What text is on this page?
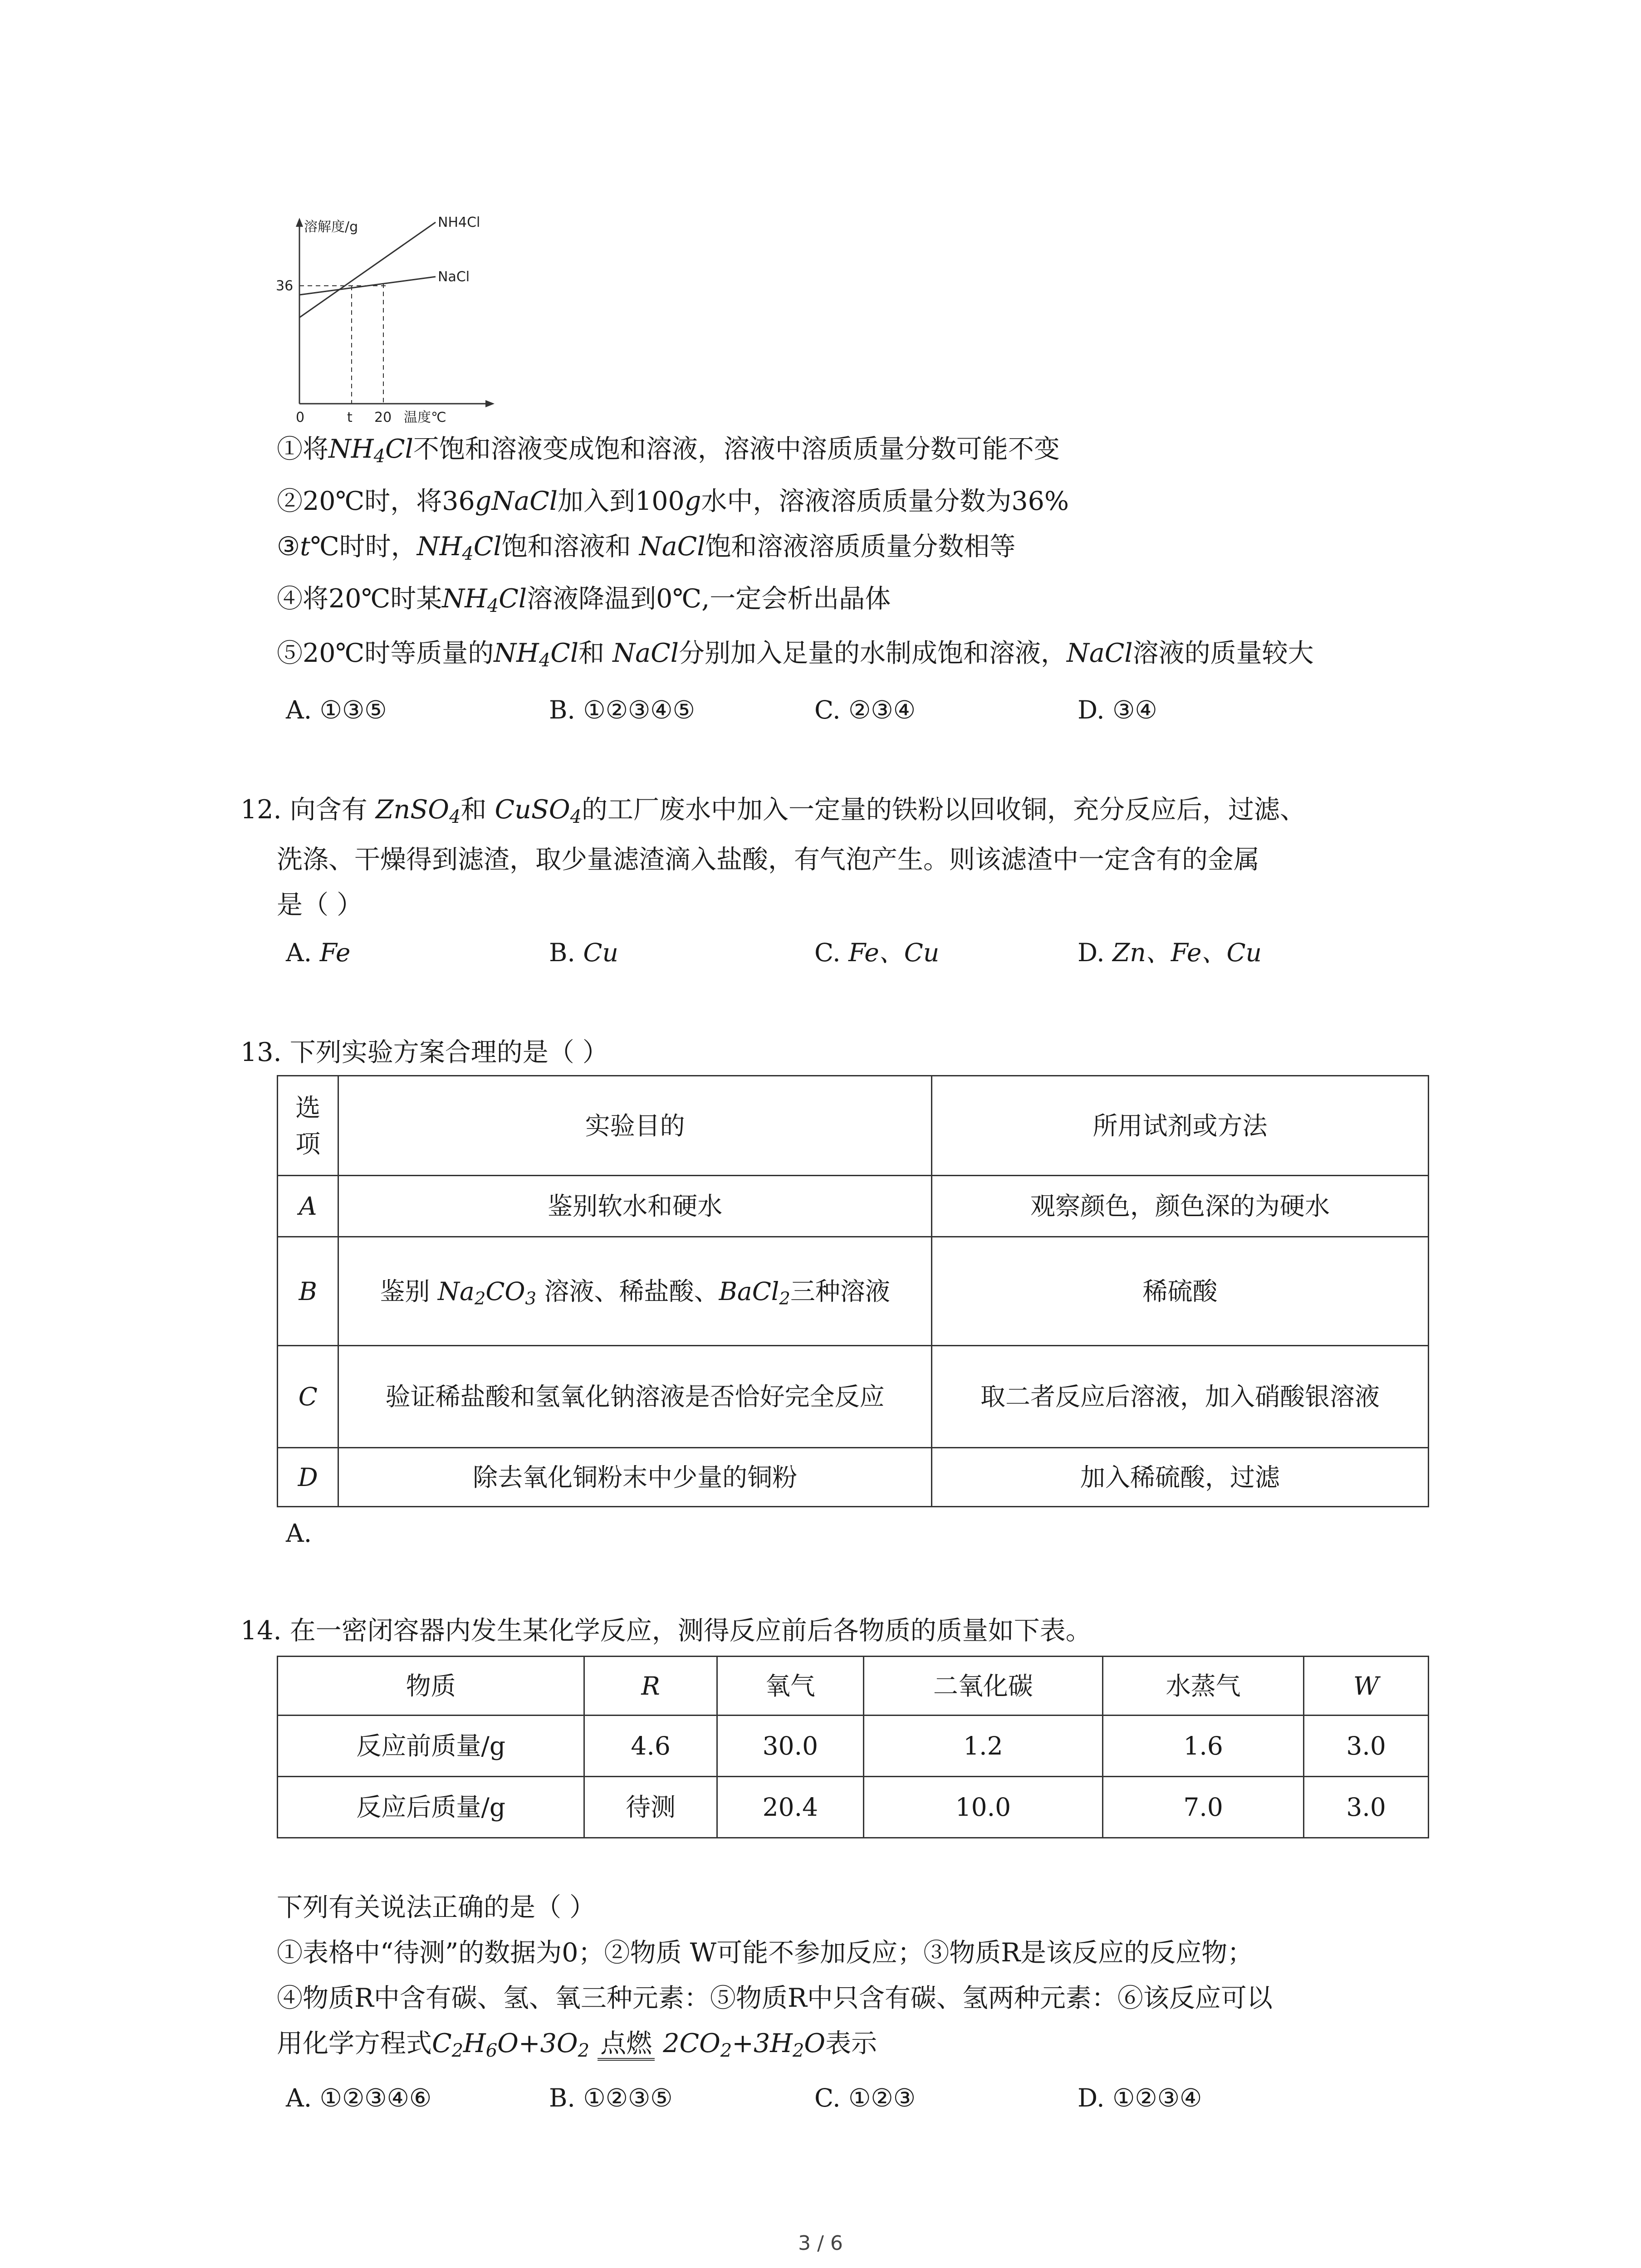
溶解度/g
温度℃
0	t 20
36
NH4Cl
NaCl
①将$NH_4Cl$不饱和溶液变成饱和溶液，溶液中溶质质量分数可能不变
②20℃时，将36gNaCl加入到100g水中，溶液溶质质量分数为36%
③t℃时时，$NH_4Cl$饱和溶液和 NaCl饱和溶液溶质质量分数相等
④将20℃时某$NH_4Cl$溶液降温到0℃,一定会析出晶体
⑤20℃时等质量的$NH_4Cl$和 NaCl分别加入足量的水制成饱和溶液，NaCl溶液的质量较大
A. ①③⑤	B. ①②③④⑤	C. ②③④	D. ③④
12. 向含有 ZnSO$_4$和 CuSO$_4$的工厂废水中加入一定量的铁粉以回收铜，充分反应后，过滤、
洗涤、干燥得到滤渣，取少量滤渣滴入盐酸，有气泡产生。则该滤渣中一定含有的金属
是（ ）
A. Fe	B. Cu	C. Fe、Cu	D. Zn、Fe、Cu
13. 下列实验方案合理的是（ ）
选项	实验目的	所用试剂或方法
A	鉴别软水和硬水	观察颜色，颜色深的为硬水
B	鉴别 $Na_2CO_3$ 溶液、稀盐酸、BaCl$_2$三种溶液	稀硫酸
C	验证稀盐酸和氢氧化钠溶液是否恰好完全反应	取二者反应后溶液，加入硝酸银溶液
D	除去氧化铜粉末中少量的铜粉	加入稀硫酸，过滤
A.
14. 在一密闭容器内发生某化学反应，测得反应前后各物质的质量如下表。
物质	R	氧气	二氧化碳	水蒸气	W
反应前质量/g	4.6	30.0	1.2	1.6	3.0
反应后质量/g	待测	20.4	10.0	7.0	3.0
下列有关说法正确的是（ ）
①表格中“待测”的数据为0；②物质 W可能不参加反应；③物质R是该反应的反应物；
④物质R中含有碳、氢、氧三种元素：⑤物质R中只含有碳、氢两种元素：⑥该反应可以
用化学方程式$C_2H_6O+3O_2$ 点燃 $2CO_2+3H_2O$表示
A. ①②③④⑥	B. ①②③⑤	C. ①②③	D. ①②③④
3 / 6
